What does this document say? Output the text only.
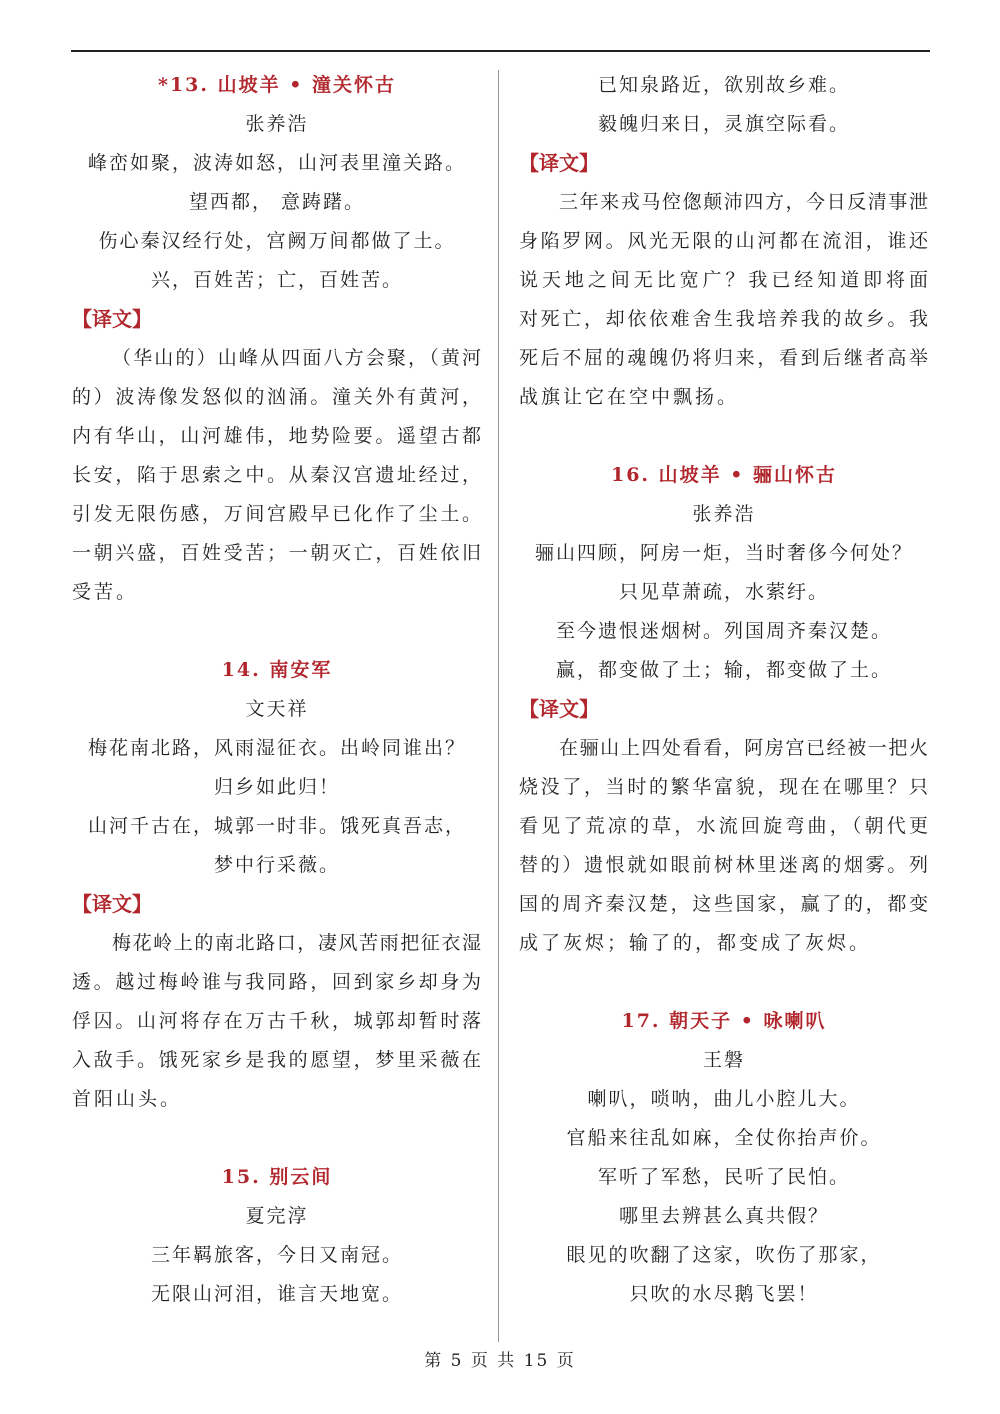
*13. 山坡羊 • 潼关怀古
张养浩
峰峦如聚，波涛如怒，山河表里潼关路。
望西都， 意踌躇。
伤心秦汉经行处，宫阙万间都做了土。
兴，百姓苦；亡，百姓苦。
【译文】
（华山的）山峰从四面八方会聚，（黄河
的）波涛像发怒似的汹涌。潼关外有黄河，
内有华山，山河雄伟，地势险要。遥望古都
长安，陷于思索之中。从秦汉宫遗址经过，
引发无限伤感，万间宫殿早已化作了尘土。
一朝兴盛，百姓受苦；一朝灭亡，百姓依旧
受苦。
14. 南安军
文天祥
梅花南北路，风雨湿征衣。出岭同谁出？
归乡如此归！
山河千古在，城郭一时非。饿死真吾志，
梦中行采薇。
【译文】
梅花岭上的南北路口，凄风苦雨把征衣湿
透。越过梅岭谁与我同路，回到家乡却身为
俘囚。山河将存在万古千秋，城郭却暂时落
入敌手。饿死家乡是我的愿望，梦里采薇在
首阳山头。
15. 别云间
夏完淳
三年羁旅客，今日又南冠。
无限山河泪，谁言天地宽。
已知泉路近，欲别故乡难。
毅魄归来日，灵旗空际看。
【译文】
三年来戎马倥偬颠沛四方，今日反清事泄
身陷罗网。风光无限的山河都在流泪，谁还
说天地之间无比宽广？我已经知道即将面
对死亡，却依依难舍生我培养我的故乡。我
死后不屈的魂魄仍将归来，看到后继者高举
战旗让它在空中飘扬。
16. 山坡羊 • 骊山怀古
张养浩
骊山四顾，阿房一炬，当时奢侈今何处？
只见草萧疏，水萦纡。
至今遗恨迷烟树。列国周齐秦汉楚。
赢，都变做了土；输，都变做了土。
【译文】
在骊山上四处看看，阿房宫已经被一把火
烧没了，当时的繁华富貌，现在在哪里？只
看见了荒凉的草，水流回旋弯曲，（朝代更
替的）遗恨就如眼前树林里迷离的烟雾。列
国的周齐秦汉楚，这些国家，赢了的，都变
成了灰烬；输了的，都变成了灰烬。
17. 朝天子 • 咏喇叭
王磐
喇叭，唢呐，曲儿小腔儿大。
官船来往乱如麻，全仗你抬声价。
军听了军愁，民听了民怕。
哪里去辨甚么真共假？
眼见的吹翻了这家，吹伤了那家，
只吹的水尽鹅飞罢！
第 5 页 共 15 页
